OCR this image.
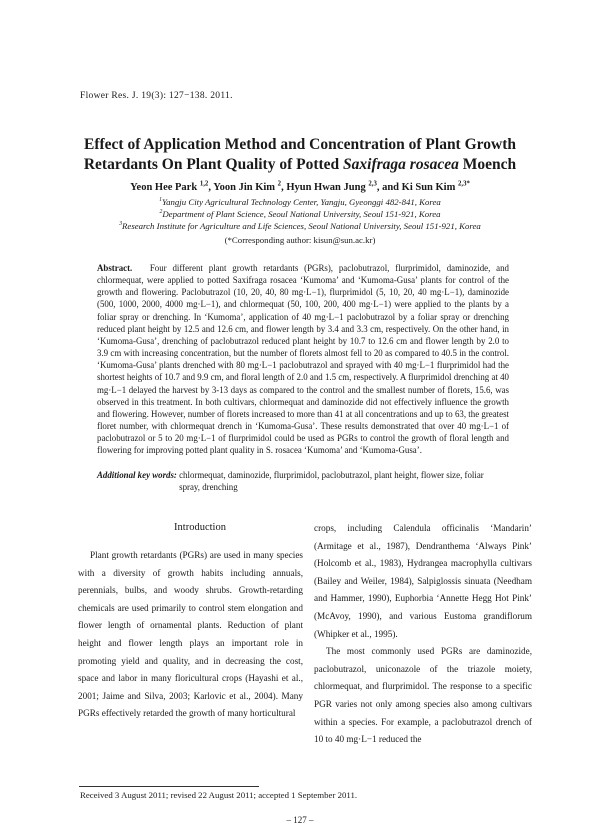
Flower Res. J. 19(3): 127−138. 2011.
Effect of Application Method and Concentration of Plant Growth
Retardants On Plant Quality of Potted Saxifraga rosacea Moench
Yeon Hee Park $^{1,2}$, Yoon Jin Kim $^2$, Hyun Hwan Jung $^{2,3}$, and Ki Sun Kim $^{2,3*}$
$^1$Yangju City Agricultural Technology Center, Yangju, Gyeonggi 482-841, Korea
$^2$Department of Plant Science, Seoul National University, Seoul 151-921, Korea
$^3$Research Institute for Agriculture and Life Sciences, Seoul National University, Seoul 151-921, Korea
(*Corresponding author: kisun@sun.ac.kr)
Abstract. Four different plant growth retardants (PGRs), paclobutrazol, flurprimidol, daminozide, and chlormequat, were applied to potted Saxifraga rosacea ‘Kumoma’ and ‘Kumoma-Gusa’ plants for control of the growth and flowering. Paclobutrazol (10, 20, 40, 80 mg·L−1), flurprimidol (5, 10, 20, 40 mg·L−1), daminozide (500, 1000, 2000, 4000 mg·L−1), and chlormequat (50, 100, 200, 400 mg·L−1) were applied to the plants by a foliar spray or drenching. In ‘Kumoma’, application of 40 mg·L−1 paclobutrazol by a foliar spray or drenching reduced plant height by 12.5 and 12.6 cm, and flower length by 3.4 and 3.3 cm, respectively. On the other hand, in ‘Kumoma-Gusa’, drenching of paclobutrazol reduced plant height by 10.7 to 12.6 cm and flower length by 2.0 to 3.9 cm with increasing concentration, but the number of florets almost fell to 20 as compared to 40.5 in the control. ‘Kumoma-Gusa’ plants drenched with 80 mg·L−1 paclobutrazol and sprayed with 40 mg·L−1 flurprimidol had the shortest heights of 10.7 and 9.9 cm, and floral length of 2.0 and 1.5 cm, respectively. A flurprimidol drenching at 40 mg·L−1 delayed the harvest by 3-13 days as compared to the control and the smallest number of florets, 15.6, was observed in this treatment. In both cultivars, chlormequat and daminozide did not effectively influence the growth and flowering. However, number of florets increased to more than 41 at all concentrations and up to 63, the greatest floret number, with chlormequat drench in ‘Kumoma-Gusa’. These results demonstrated that over 40 mg·L−1 of paclobutrazol or 5 to 20 mg·L−1 of flurprimidol could be used as PGRs to control the growth of floral length and flowering for improving potted plant quality in S. rosacea ‘Kumoma’ and ‘Kumoma-Gusa’.
Additional key words: chlormequat, daminozide, flurprimidol, paclobutrazol, plant height, flower size, foliar spray, drenching
Introduction

Plant growth retardants (PGRs) are used in many species with a diversity of growth habits including annuals, perennials, bulbs, and woody shrubs. Growth-retarding chemicals are used primarily to control stem elongation and flower length of ornamental plants. Reduction of plant height and flower length plays an important role in promoting yield and quality, and in decreasing the cost, space and labor in many floricultural crops (Hayashi et al., 2001; Jaime and Silva, 2003; Karlovic et al., 2004). Many PGRs effectively retarded the growth of many horticultural

crops, including Calendula officinalis ‘Mandarin’ (Armitage et al., 1987), Dendranthema ‘Always Pink’ (Holcomb et al., 1983), Hydrangea macrophylla cultivars (Bailey and Weiler, 1984), Salpiglossis sinuata (Needham and Hammer, 1990), Euphorbia ‘Annette Hegg Hot Pink’ (McAvoy, 1990), and various Eustoma grandiflorum (Whipker et al., 1995).

The most commonly used PGRs are daminozide, paclobutrazol, uniconazole of the triazole moiety, chlormequat, and flurprimidol. The response to a specific PGR varies not only among species also among cultivars within a species. For example, a paclobutrazol drench of 10 to 40 mg·L−1 reduced the

Received 3 August 2011; revised 22 August 2011; accepted 1 September 2011.
– 127 –
